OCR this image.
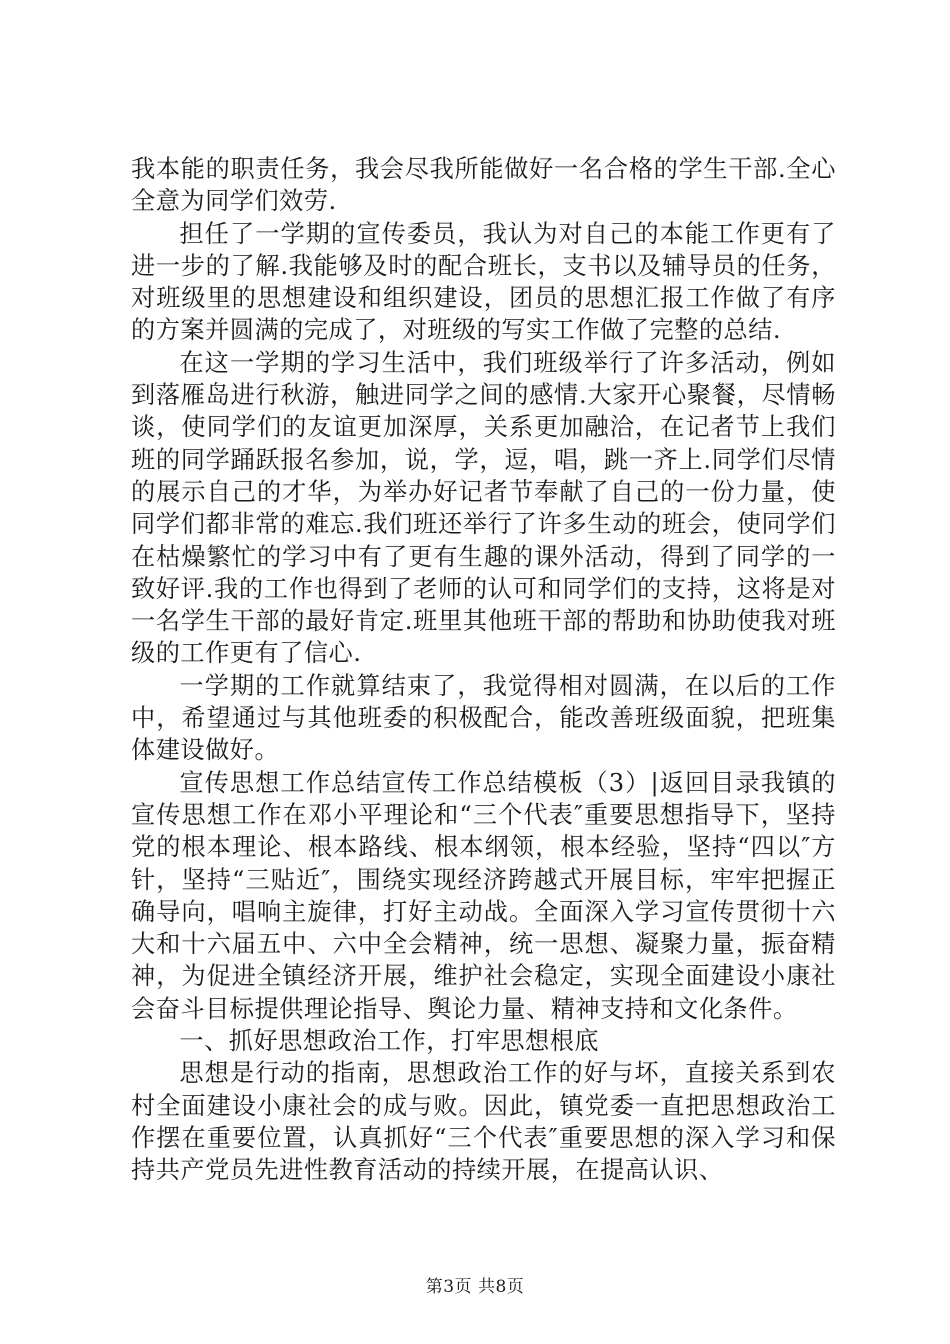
我本能的职责任务，我会尽我所能做好一名合格的学生干部.全心全意为同学们效劳.

担任了一学期的宣传委员，我认为对自己的本能工作更有了进一步的了解.我能够及时的配合班长，支书以及辅导员的任务，对班级里的思想建设和组织建设，团员的思想汇报工作做了有序的方案并圆满的完成了，对班级的写实工作做了完整的总结.

在这一学期的学习生活中，我们班级举行了许多活动，例如到落雁岛进行秋游，触进同学之间的感情.大家开心聚餐，尽情畅谈，使同学们的友谊更加深厚，关系更加融洽，在记者节上我们班的同学踊跃报名参加，说，学，逗，唱，跳一齐上.同学们尽情的展示自己的才华，为举办好记者节奉献了自己的一份力量，使同学们都非常的难忘.我们班还举行了许多生动的班会，使同学们在枯燥繁忙的学习中有了更有生趣的课外活动，得到了同学的一致好评.我的工作也得到了老师的认可和同学们的支持，这将是对一名学生干部的最好肯定.班里其他班干部的帮助和协助使我对班级的工作更有了信心.

一学期的工作就算结束了，我觉得相对圆满，在以后的工作中，希望通过与其他班委的积极配合，能改善班级面貌，把班集体建设做好。

宣传思想工作总结宣传工作总结模板（3）|返回目录我镇的宣传思想工作在邓小平理论和“三个代表″重要思想指导下，坚持党的根本理论、根本路线、根本纲领，根本经验，坚持“四以″方针，坚持“三贴近″，围绕实现经济跨越式开展目标，牢牢把握正确导向，唱响主旋律，打好主动战。全面深入学习宣传贯彻十六大和十六届五中、六中全会精神，统一思想、凝聚力量，振奋精神，为促进全镇经济开展，维护社会稳定，实现全面建设小康社会奋斗目标提供理论指导、舆论力量、精神支持和文化条件。

一、抓好思想政治工作，打牢思想根底

思想是行动的指南，思想政治工作的好与坏，直接关系到农村全面建设小康社会的成与败。因此，镇党委一直把思想政治工作摆在重要位置，认真抓好“三个代表″重要思想的深入学习和保持共产党员先进性教育活动的持续开展，在提高认识、

第3页 共8页
